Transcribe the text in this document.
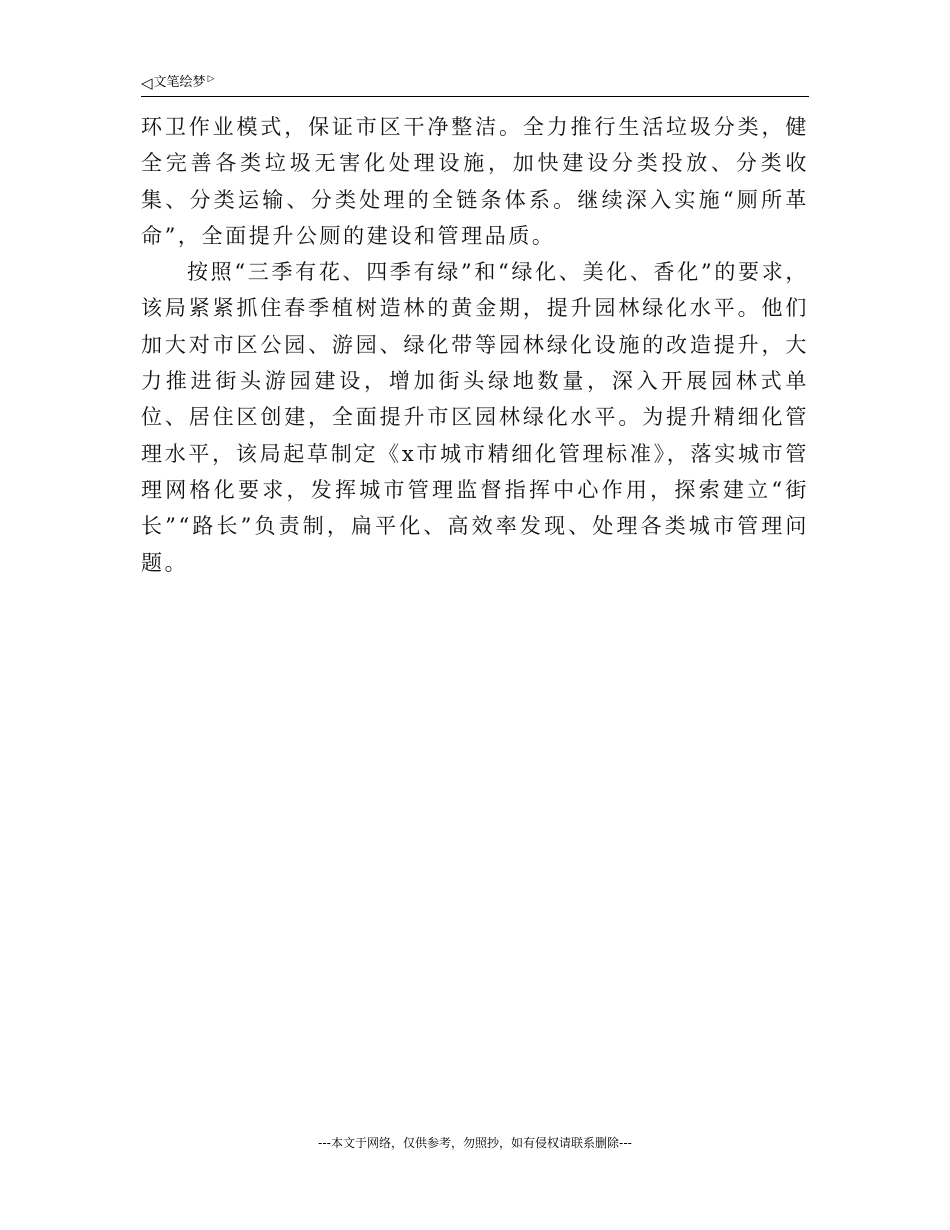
◁ 文笔绘梦 ▷

环卫作业模式，保证市区干净整洁。全力推行生活垃圾分类，健全完善各类垃圾无害化处理设施，加快建设分类投放、分类收集、分类运输、分类处理的全链条体系。继续深入实施“厕所革命”，全面提升公厕的建设和管理品质。

按照“三季有花、四季有绿”和“绿化、美化、香化”的要求，该局紧紧抓住春季植树造林的黄金期，提升园林绿化水平。他们加大对市区公园、游园、绿化带等园林绿化设施的改造提升，大力推进街头游园建设，增加街头绿地数量，深入开展园林式单位、居住区创建，全面提升市区园林绿化水平。为提升精细化管理水平，该局起草制定《x市城市精细化管理标准》，落实城市管理网格化要求，发挥城市管理监督指挥中心作用，探索建立“街长”“路长”负责制，扁平化、高效率发现、处理各类城市管理问题。

---本文于网络，仅供参考，勿照抄，如有侵权请联系删除---
